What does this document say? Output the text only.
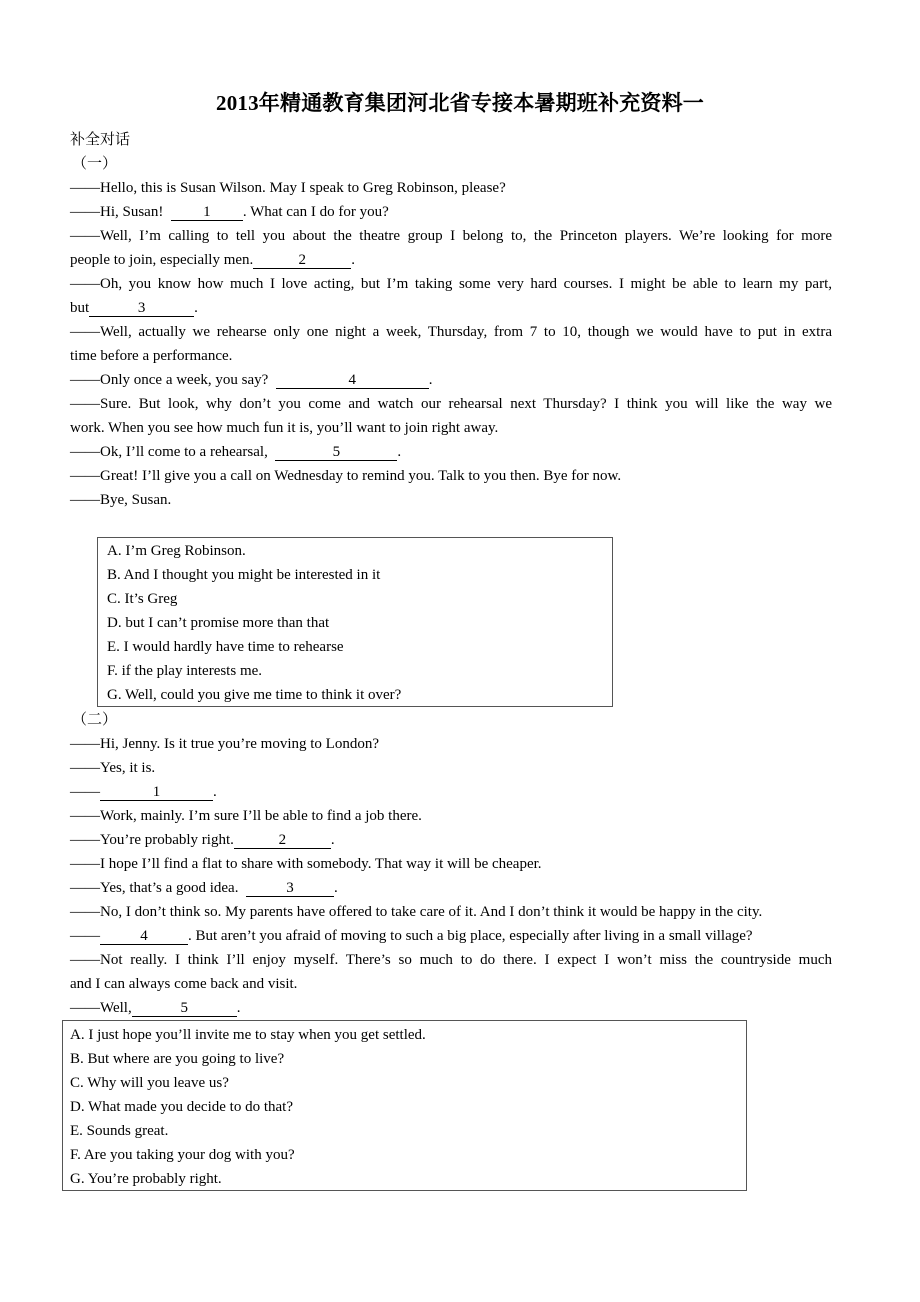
2013年精通教育集团河北省专接本暑期班补充资料一
补全对话
（一）
——Hello, this is Susan Wilson. May I speak to Greg Robinson, please?
——Hi, Susan!  1 . What can I do for you?
——Well, I’m calling to tell you about the theatre group I belong to, the Princeton players. We’re looking for more
people to join, especially men.	2	.
——Oh, you know how much I love acting, but I’m taking some very hard courses. I might be able to learn my part,
but	3	.
——Well, actually we rehearse only one night a week, Thursday, from 7 to 10, though we would have to put in extra
time before a performance.
——Only once a week, you say?	4	.
——Sure. But look, why don’t you come and watch our rehearsal next Thursday? I think you will like the way we
work. When you see how much fun it is, you’ll want to join right away.
——Ok, I’ll come to a rehearsal,	5	.
——Great! I’ll give you a call on Wednesday to remind you. Talk to you then. Bye for now.
——Bye, Susan.
A. I’m Greg Robinson.
B. And I thought you might be interested in it
C. It’s Greg
D. but I can’t promise more than that
E. I would hardly have time to rehearse
F. if the play interests me.
G. Well, could you give me time to think it over?
（二）
——Hi, Jenny. Is it true you’re moving to London?
——Yes, it is.
——	1	.
——Work, mainly. I’m sure I’ll be able to find a job there.
——You’re probably right.	2	.
——I hope I’ll find a flat to share with somebody. That way it will be cheaper.
——Yes, that’s a good idea.	3	.
——No, I don’t think so. My parents have offered to take care of it. And I don’t think it would be happy in the city.
——	4	. But aren’t you afraid of moving to such a big place, especially after living in a small village?
——Not really. I think I’ll enjoy myself. There’s so much to do there. I expect I won’t miss the countryside much
and I can always come back and visit.
——Well,	5	.
A. I just hope you’ll invite me to stay when you get settled.
B. But where are you going to live?
C. Why will you leave us?
D. What made you decide to do that?
E. Sounds great.
F. Are you taking your dog with you?
G. You’re probably right.
